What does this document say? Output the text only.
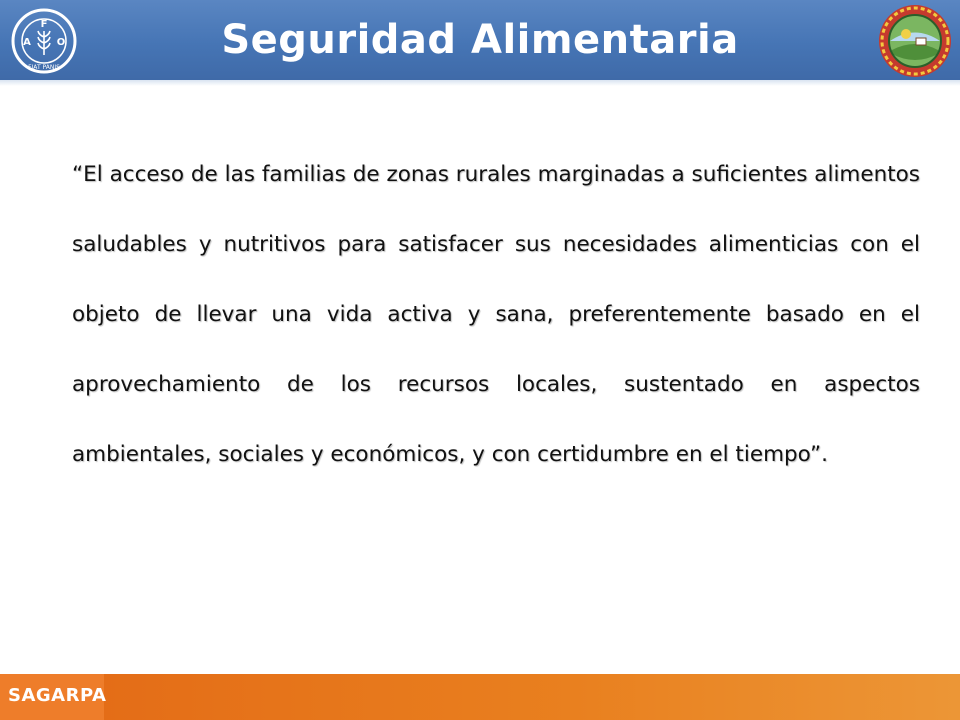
Seguridad Alimentaria
F
A	O
FIAT PANIS

“El acceso de las familias de zonas rurales marginadas a suficientes alimentos saludables y nutritivos para satisfacer sus necesidades alimenticias con el objeto de llevar una vida activa y sana, preferentemente basado en el aprovechamiento de los recursos locales, sustentado en aspectos ambientales, sociales y económicos, y con certidumbre en el tiempo”.

SAGARPA
